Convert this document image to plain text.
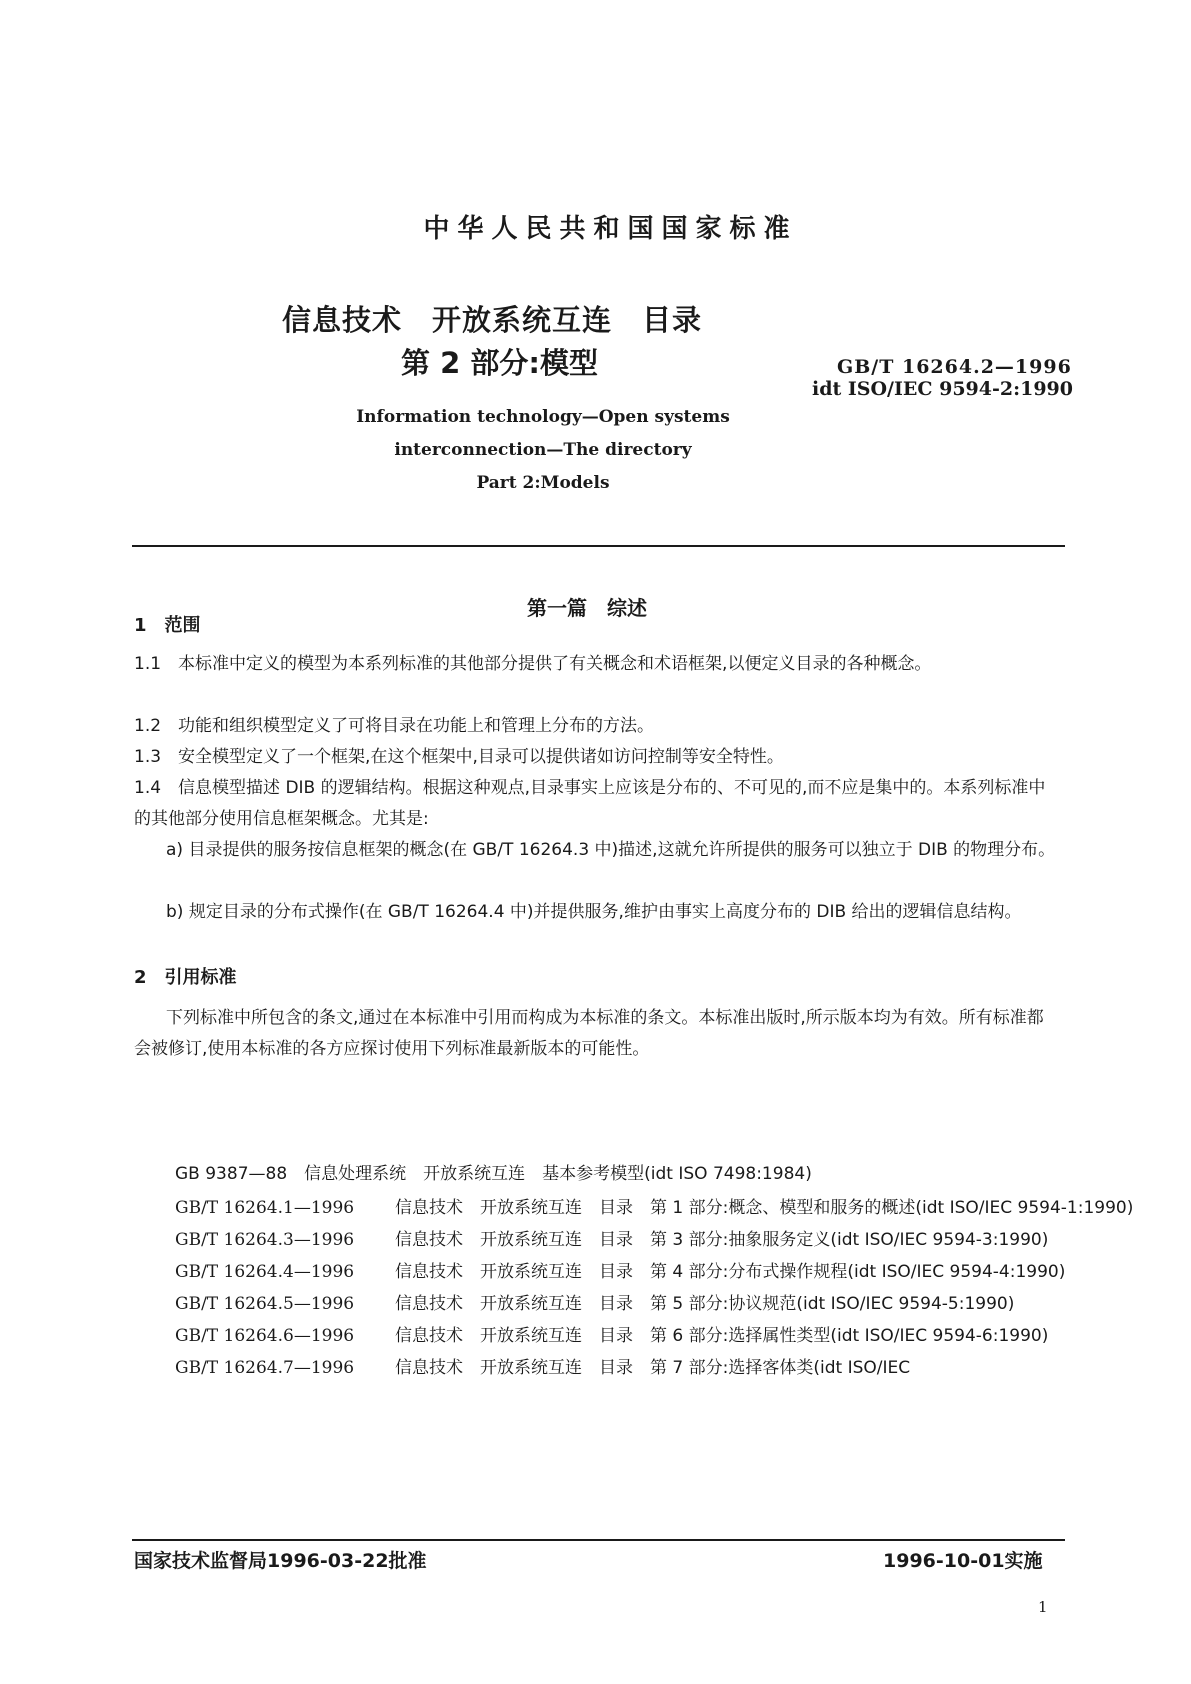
中华人民共和国国家标准
信息技术　开放系统互连　目录
第 2 部分:模型	GB/T 16264.2—1996
idt ISO/IEC 9594-2:1990
Information technology—Open systems
interconnection—The directory
Part 2:Models
第一篇　综述
1　范围
1.1　本标准中定义的模型为本系列标准的其他部分提供了有关概念和术语框架,以便定义目录的各种概念。
1.2　功能和组织模型定义了可将目录在功能上和管理上分布的方法。
1.3　安全模型定义了一个框架,在这个框架中,目录可以提供诸如访问控制等安全特性。
1.4　信息模型描述 DIB 的逻辑结构。根据这种观点,目录事实上应该是分布的、不可见的,而不应是集中的。本系列标准中的其他部分使用信息框架概念。尤其是:
a) 目录提供的服务按信息框架的概念(在 GB/T 16264.3 中)描述,这就允许所提供的服务可以独立于 DIB 的物理分布。
b) 规定目录的分布式操作(在 GB/T 16264.4 中)并提供服务,维护由事实上高度分布的 DIB 给出的逻辑信息结构。
2　引用标准
下列标准中所包含的条文,通过在本标准中引用而构成为本标准的条文。本标准出版时,所示版本均为有效。所有标准都会被修订,使用本标准的各方应探讨使用下列标准最新版本的可能性。
GB 9387—88　信息处理系统　开放系统互连　基本参考模型(idt ISO 7498:1984)
GB/T 16264.1—1996	信息技术　开放系统互连　目录　第 1 部分:概念、模型和服务的概述(idt ISO/IEC 9594-1:1990)
GB/T 16264.3—1996	信息技术　开放系统互连　目录　第 3 部分:抽象服务定义(idt ISO/IEC 9594-3:1990)
GB/T 16264.4—1996	信息技术　开放系统互连　目录　第 4 部分:分布式操作规程(idt ISO/IEC 9594-4:1990)
GB/T 16264.5—1996	信息技术　开放系统互连　目录　第 5 部分:协议规范(idt ISO/IEC 9594-5:1990)
GB/T 16264.6—1996	信息技术　开放系统互连　目录　第 6 部分:选择属性类型(idt ISO/IEC 9594-6:1990)
GB/T 16264.7—1996	信息技术　开放系统互连　目录　第 7 部分:选择客体类(idt ISO/IEC
国家技术监督局1996-03-22批准	1996-10-01实施
1
